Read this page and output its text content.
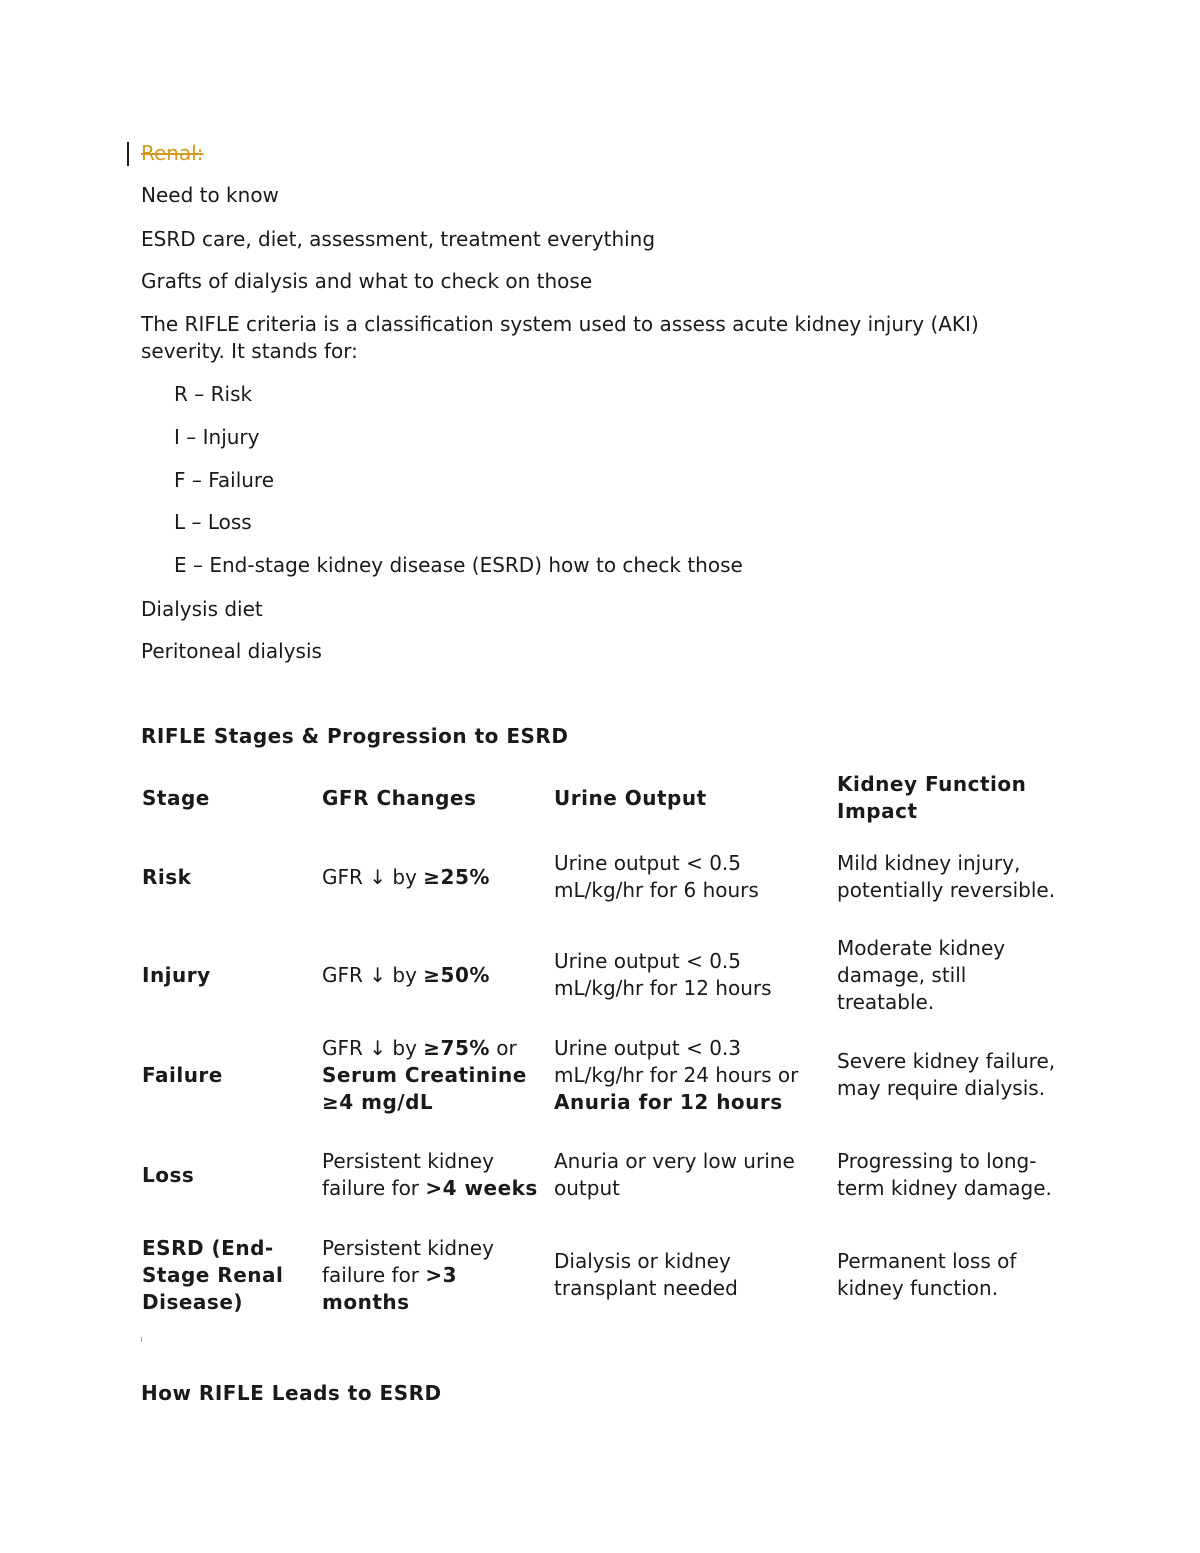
Renal:

Need to know

ESRD care, diet, assessment, treatment everything

Grafts of dialysis and what to check on those

The RIFLE criteria is a classification system used to assess acute kidney injury (AKI) severity. It stands for:

R – Risk

I – Injury

F – Failure

L – Loss

E – End-stage kidney disease (ESRD) how to check those

Dialysis diet

Peritoneal dialysis

RIFLE Stages & Progression to ESRD

Stage	GFR Changes	Urine Output	Kidney Function Impact
Risk	GFR ↓ by ≥25%	Urine output < 0.5 mL/kg/hr for 6 hours	Mild kidney injury, potentially reversible.
Injury	GFR ↓ by ≥50%	Urine output < 0.5 mL/kg/hr for 12 hours	Moderate kidney damage, still treatable.
Failure	GFR ↓ by ≥75% or Serum Creatinine ≥4 mg/dL	Urine output < 0.3 mL/kg/hr for 24 hours or Anuria for 12 hours	Severe kidney failure, may require dialysis.
Loss	Persistent kidney failure for >4 weeks	Anuria or very low urine output	Progressing to long-term kidney damage.
ESRD (End-Stage Renal Disease)	Persistent kidney failure for >3 months	Dialysis or kidney transplant needed	Permanent loss of kidney function.

How RIFLE Leads to ESRD
